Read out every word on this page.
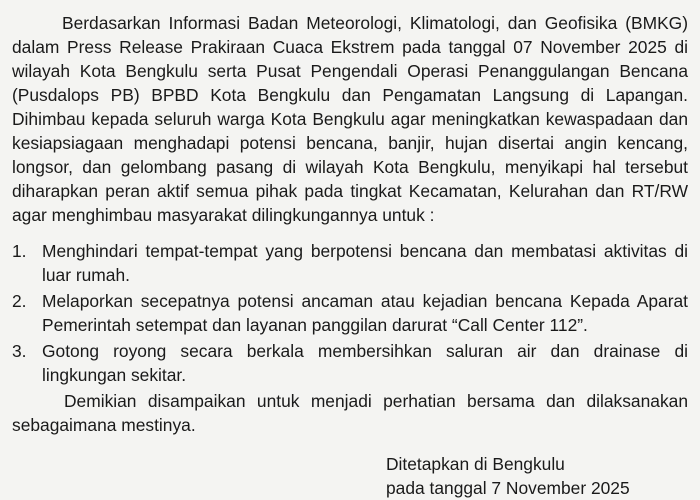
Berdasarkan Informasi Badan Meteorologi, Klimatologi, dan Geofisika (BMKG) dalam Press Release Prakiraan Cuaca Ekstrem pada tanggal 07 November 2025 di wilayah Kota Bengkulu serta Pusat Pengendali Operasi Penanggulangan Bencana (Pusdalops PB) BPBD Kota Bengkulu dan Pengamatan Langsung di Lapangan. Dihimbau kepada seluruh warga Kota Bengkulu agar meningkatkan kewaspadaan dan kesiapsiagaan menghadapi potensi bencana, banjir, hujan disertai angin kencang, longsor, dan gelombang pasang di wilayah Kota Bengkulu, menyikapi hal tersebut diharapkan peran aktif semua pihak pada tingkat Kecamatan, Kelurahan dan RT/RW agar menghimbau masyarakat dilingkungannya untuk :

1. Menghindari tempat-tempat yang berpotensi bencana dan membatasi aktivitas di luar rumah.
2. Melaporkan secepatnya potensi ancaman atau kejadian bencana Kepada Aparat Pemerintah setempat dan layanan panggilan darurat “Call Center 112”.
3. Gotong royong secara berkala membersihkan saluran air dan drainase di lingkungan sekitar.

Demikian disampaikan untuk menjadi perhatian bersama dan dilaksanakan sebagaimana mestinya.

Ditetapkan di Bengkulu
pada tanggal 7 November 2025
